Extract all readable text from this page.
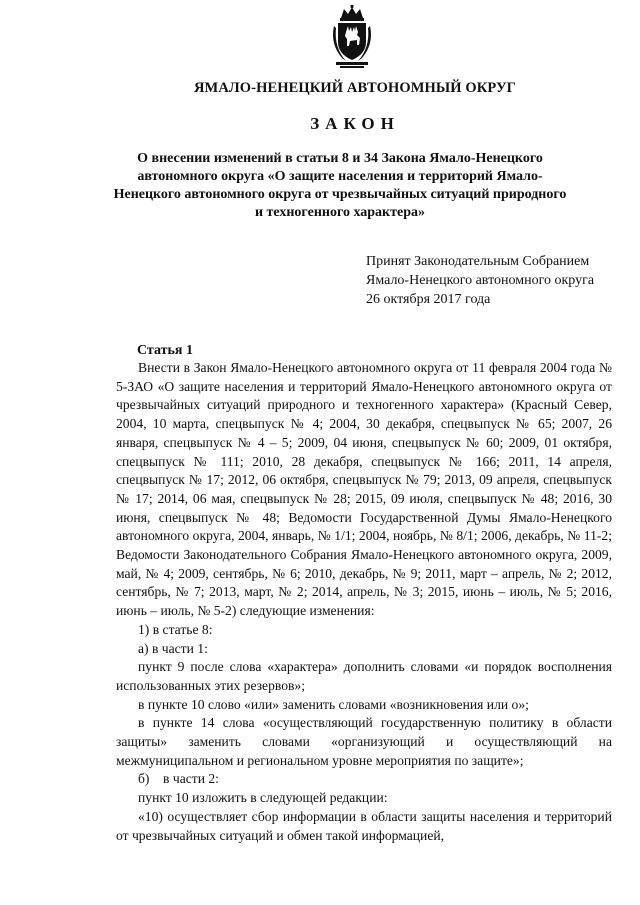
ЯМАЛО-НЕНЕЦКИЙ АВТОНОМНЫЙ ОКРУГ
ЗАКОН
О внесении изменений в статьи 8 и 34 Закона Ямало-Ненецкого автономного округа «О защите населения и территорий Ямало-Ненецкого автономного округа от чрезвычайных ситуаций природного и техногенного характера»
Принят Законодательным Собранием
Ямало-Ненецкого автономного округа
26 октября 2017 года
Статья 1

Внести в Закон Ямало-Ненецкого автономного округа от 11 февраля 2004 года № 5-ЗАО «О защите населения и территорий Ямало-Ненецкого автономного округа от чрезвычайных ситуаций природного и техногенного характера» (Красный Север, 2004, 10 марта, спецвыпуск № 4; 2004, 30 декабря, спецвыпуск № 65; 2007, 26 января, спецвыпуск № 4 – 5; 2009, 04 июня, спецвыпуск № 60; 2009, 01 октября, спецвыпуск № 111; 2010, 28 декабря, спецвыпуск № 166; 2011, 14 апреля, спецвыпуск № 17; 2012, 06 октября, спецвыпуск № 79; 2013, 09 апреля, спецвыпуск № 17; 2014, 06 мая, спецвыпуск № 28; 2015, 09 июля, спецвыпуск № 48; 2016, 30 июня, спецвыпуск № 48; Ведомости Государственной Думы Ямало-Ненецкого автономного округа, 2004, январь, № 1/1; 2004, ноябрь, № 8/1; 2006, декабрь, № 11-2; Ведомости Законодательного Собрания Ямало-Ненецкого автономного округа, 2009, май, № 4; 2009, сентябрь, № 6; 2010, декабрь, № 9; 2011, март – апрель, № 2; 2012, сентябрь, № 7; 2013, март, № 2; 2014, апрель, № 3; 2015, июнь – июль, № 5; 2016, июнь – июль, № 5-2) следующие изменения:

1) в статье 8:

а) в части 1:

пункт 9 после слова «характера» дополнить словами «и порядок восполнения использованных этих резервов»;

в пункте 10 слово «или» заменить словами «возникновения или о»;

в пункте 14 слова «осуществляющий государственную политику в области защиты» заменить словами «организующий и осуществляющий на межмуниципальном и региональном уровне мероприятия по защите»;

б)    в части 2:

пункт 10 изложить в следующей редакции:

«10) осуществляет сбор информации в области защиты населения и территорий от чрезвычайных ситуаций и обмен такой информацией,
